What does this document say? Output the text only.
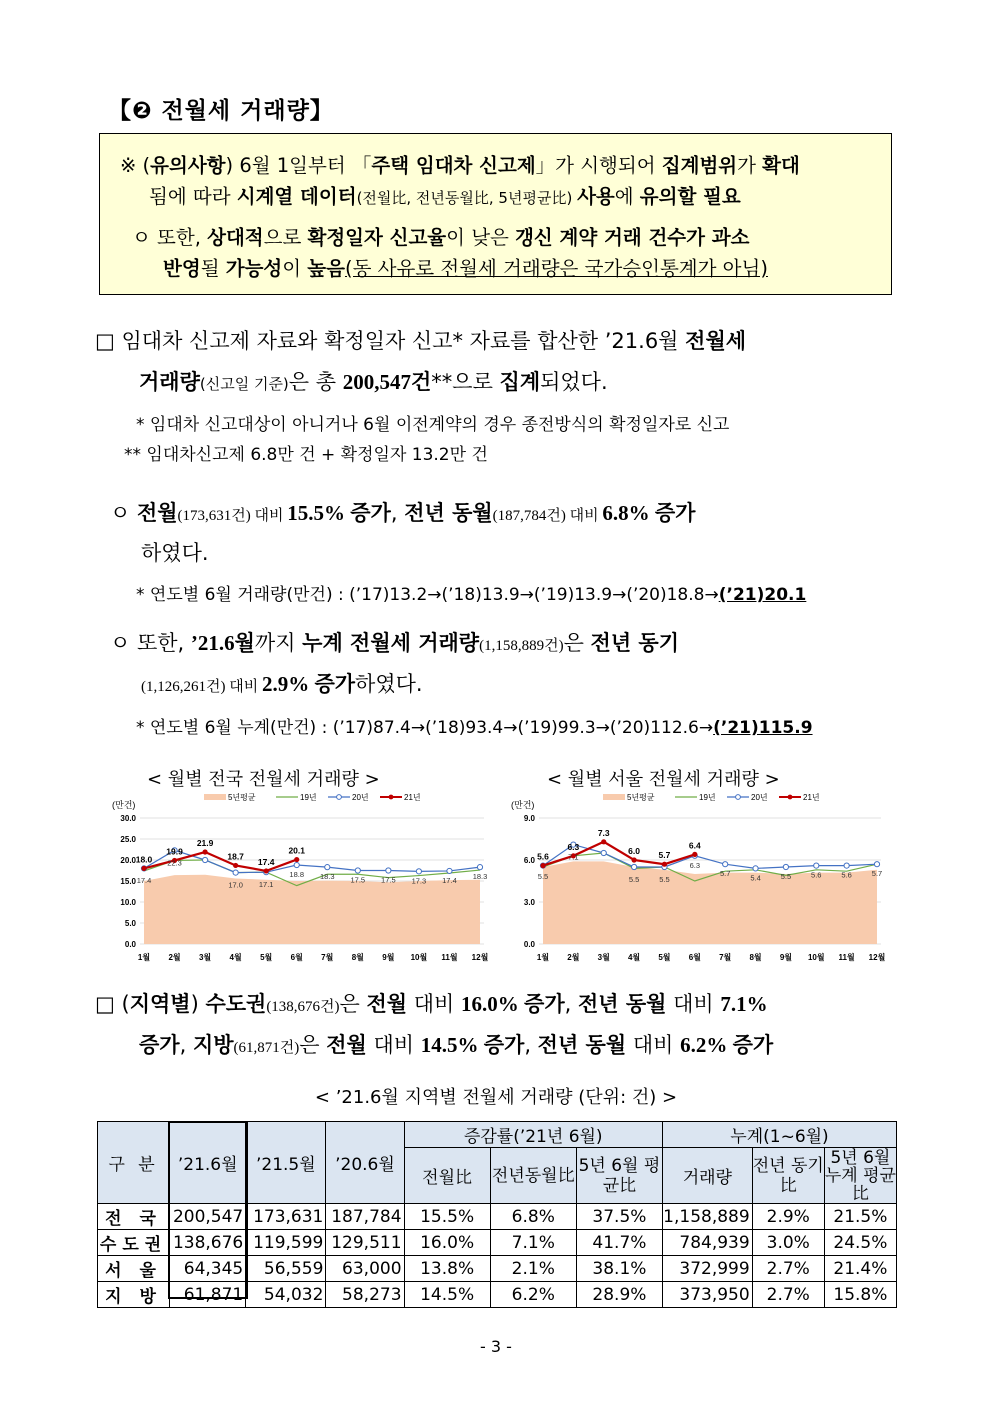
【❷ 전월세 거래량】
※ (유의사항) 6월 1일부터 「주택 임대차 신고제」가 시행되어 집계범위가 확대
됨에 따라 시계열 데이터(전월比, 전년동월比, 5년평균比) 사용에 유의할 필요
ㅇ 또한, 상대적으로 확정일자 신고율이 낮은 갱신 계약 거래 건수가 과소
반영될 가능성이 높음(동 사유로 전월세 거래량은 국가승인통계가 아님)
□ 임대차 신고제 자료와 확정일자 신고* 자료를 합산한 ’21.6월 전월세
거래량(신고일 기준)은 총 200,547건**으로 집계되었다.
* 임대차 신고대상이 아니거나 6월 이전계약의 경우 종전방식의 확정일자로 신고
** 임대차신고제 6.8만 건 + 확정일자 13.2만 건
ㅇ 전월(173,631건) 대비 15.5% 증가, 전년 동월(187,784건) 대비 6.8% 증가
하였다.
* 연도별 6월 거래량(만건) : (’17)13.2→(’18)13.9→(’19)13.9→(’20)18.8→(’21)20.1
ㅇ 또한, ’21.6월까지 누계 전월세 거래량(1,158,889건)은 전년 동기
(1,126,261건) 대비 2.9% 증가하였다.
* 연도별 6월 누계(만건) : (’17)87.4→(’18)93.4→(’19)99.3→(’20)112.6→(’21)115.9
< 월별 전국 전월세 거래량 >	< 월별 서울 전월세 거래량 >
(만건)
0.0
5.0
10.0
15.0
20.0
25.0
30.0
1월 2월 3월 4월 5월 6월 7월 8월 9월 10월 11월 12월
18.0
19.9
21.9
18.7
17.4
20.1
22.3
17.0 17.1
18.3 17.5 17.5 17.3 17.4 18.3
17.4
18.8
5년평균	19년	20년	21년
(만건)
0.0
3.0
6.0
9.0
1월 2월 3월 4월 5월 6월 7월 8월 9월 10월 11월 12월
5.6
6.3
7.3
6.0 5.7
6.4
7.1
5.5	5.5
5.7	5.4	5.5	5.6	5.6	5.7
5.5
6.3
5년평균	19년	20년	21년
□ (지역별) 수도권(138,676건)은 전월 대비 16.0% 증가, 전년 동월 대비 7.1%
증가, 지방(61,871건)은 전월 대비 14.5% 증가, 전년 동월 대비 6.2% 증가
< ’21.6월 지역별 전월세 거래량 (단위: 건) >
구 분	’21.6월	’21.5월	’20.6월	증감률(’21년 6월)			누계(1~6월)		
				전월比	전년동월比	5년 6월 평균比	거래량	전년 동기比	5년 6월누계 평균比
전 국	200,547	173,631	187,784	15.5%	6.8%	37.5%	1,158,889	2.9%	21.5%
수도권	138,676	119,599	129,511	16.0%	7.1%	41.7%	784,939	3.0%	24.5%
서 울	64,345	56,559	63,000	13.8%	2.1%	38.1%	372,999	2.7%	21.4%
지 방	61,871	54,032	58,273	14.5%	6.2%	28.9%	373,950	2.7%	15.8%
- 3 -
